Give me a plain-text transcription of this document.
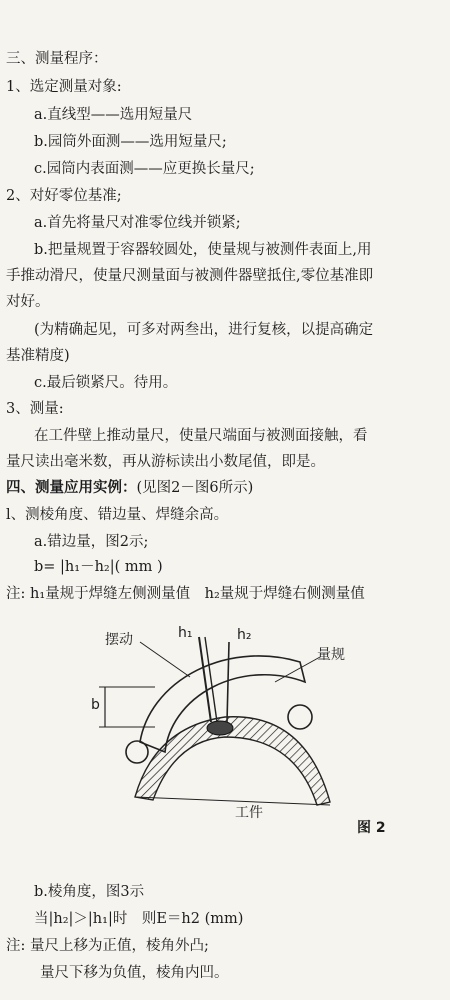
三、测量程序：
1、选定测量对象:
a.直线型——选用短量尺
b.园筒外面测——选用短量尺;
c.园筒内表面测——应更换长量尺;
2、对好零位基准;
a.首先将量尺对准零位线并锁紧;
b.把量规置于容器较圆处，使量规与被测件表面上,用
手推动滑尺，使量尺测量面与被测件器壁抵住,零位基准即
对好。
(为精确起见，可多对两叁出，进行复核，以提高确定
基准精度)
c.最后锁紧尺。待用。
3、测量:
在工件壁上推动量尺，使量尺端面与被测面接触，看
量尺读出毫米数，再从游标读出小数尾值，即是。
四、测量应用实例：(见图2－图6所示)
l、测棱角度、错边量、焊缝余高。
a.错边量，图2示;
b= |h₁－h₂|( mm )
注: h₁量规于焊缝左侧测量值　h₂量规于焊缝右侧测量值
摆动	h₁	h₂
量规
b
工件
图 2
b.棱角度，图3示
当|h₂|＞|h₁|时　则E＝h2 (mm)
注: 量尺上移为正值，棱角外凸;
量尺下移为负值，棱角内凹。
